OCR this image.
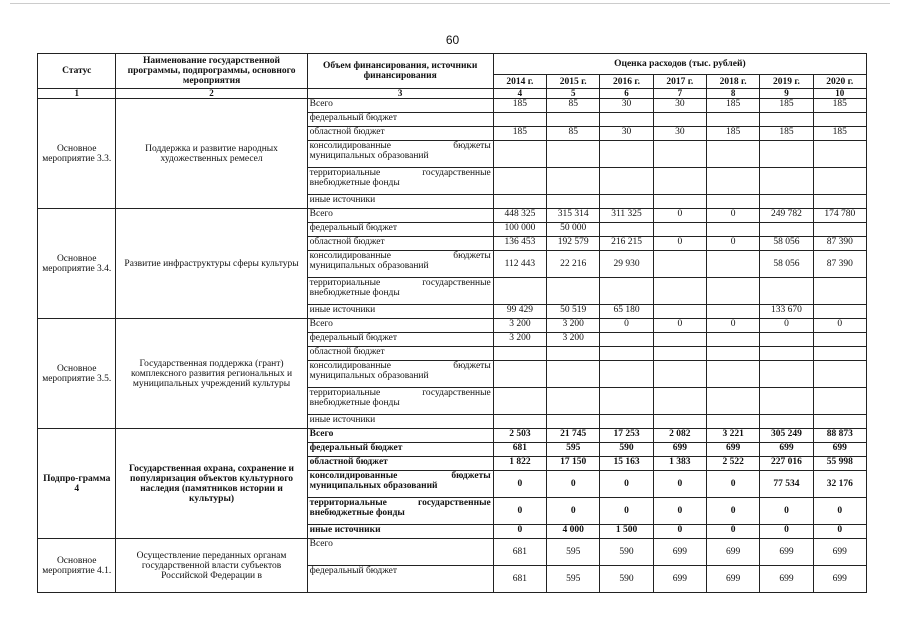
60
Статус	Наименование государственной программы, подпрограммы, основного мероприятия	Объем финансирования, источники финансирования	Оценка расходов (тыс. рублей)						
			2014 г.	2015 г.	2016 г.	2017 г.	2018 г.	2019 г.	2020 г.
1	2	3	4	5	6	7	8	9	10
Основное мероприятие 3.3.	Поддержка и развитие народных художественных ремесел	Всего	185	85	30	30	185	185	185
		федеральный бюджет							
		областной бюджет	185	85	30	30	185	185	185

		консолидированные бюджеты
муниципальных образований							

		территориальные государственные
внебюджетные фонды							

		иные источники							
Основное мероприятие 3.4.	Развитие инфраструктуры сферы культуры	Всего	448 325	315 314	311 325	0	0	249 782	174 780
		федеральный бюджет	100 000	50 000					
		областной бюджет	136 453	192 579	216 215	0	0	58 056	87 390

		консолидированные бюджеты
муниципальных образований	112 443	22 216	29 930			58 056	87 390

		территориальные государственные
внебюджетные фонды							

		иные источники	99 429	50 519	65 180			133 670	
Основное мероприятие 3.5.	Государственная поддержка (грант) комплексного развития региональных и муниципальных учреждений культуры	Всего	3 200	3 200	0	0	0	0	0
		федеральный бюджет	3 200	3 200					
		областной бюджет							

		консолидированные бюджеты
муниципальных образований							

		территориальные государственные
внебюджетные фонды							

		иные источники							
Подпро-грамма 4	Государственная охрана, сохранение и популяризация объектов культурного наследия (памятников истории и культуры)	Всего	2 503	21 745	17 253	2 082	3 221	305 249	88 873
		федеральный бюджет	681	595	590	699	699	699	699
		областной бюджет	1 822	17 150	15 163	1 383	2 522	227 016	55 998

		консолидированные бюджеты
муниципальных образований	0	0	0	0	0	77 534	32 176

		территориальные государственные
внебюджетные фонды	0	0	0	0	0	0	0
		иные источники	0	4 000	1 500	0	0	0	0
Основное мероприятие 4.1.	Осуществление переданных органам государственной власти субъектов Российской Федерации в	Всего	681	595	590	699	699	699	699
		федеральный бюджет	681	595	590	699	699	699	699
